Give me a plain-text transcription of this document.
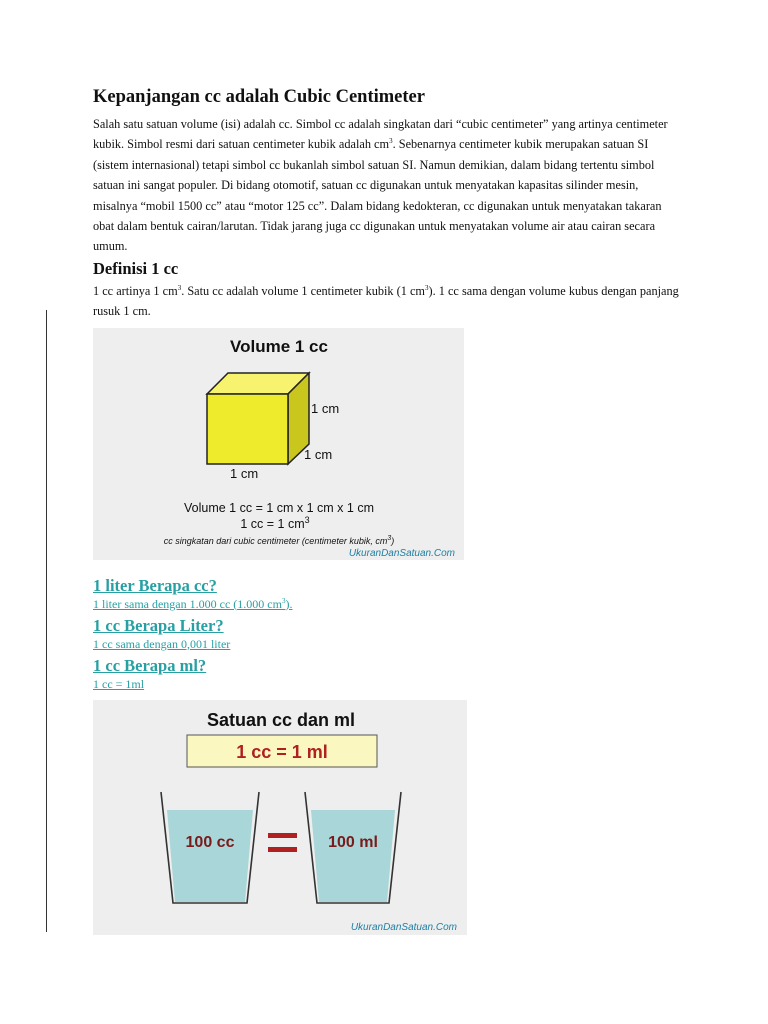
Kepanjangan cc adalah Cubic Centimeter

Salah satu satuan volume (isi) adalah cc. Simbol cc adalah singkatan dari “cubic centimeter” yang artinya centimeter kubik. Simbol resmi dari satuan centimeter kubik adalah $cm^3$. Sebenarnya centimeter kubik merupakan satuan SI (sistem internasional) tetapi simbol cc bukanlah simbol satuan SI. Namun demikian, dalam bidang tertentu simbol satuan ini sangat populer. Di bidang otomotif, satuan cc digunakan untuk menyatakan kapasitas silinder mesin, misalnya “mobil 1500 cc” atau “motor 125 cc”. Dalam bidang kedokteran, cc digunakan untuk menyatakan takaran obat dalam bentuk cairan/larutan. Tidak jarang juga cc digunakan untuk menyatakan volume air atau cairan secara umum.

Definisi 1 cc

1 cc artinya 1 $cm^3$. Satu cc adalah volume 1 centimeter kubik (1 $cm^3$). 1 cc sama dengan volume kubus dengan panjang rusuk 1 cm.

Volume 1 cc
1 cm
1 cm
1 cm
Volume 1 cc = 1 cm x 1 cm x 1 cm
1 cc = 1 $cm^3$
cc singkatan dari cubic centimeter (centimeter kubik, $cm^3$)
UkuranDanSatuan.Com
1 liter Berapa cc?
1 liter sama dengan 1.000 cc (1.000 $cm^3$).
1 cc Berapa Liter?
1 cc sama dengan 0,001 liter
1 cc Berapa ml?
1 cc = 1ml
Satuan cc dan ml
1 cc = 1 ml
100 cc	100 ml
UkuranDanSatuan.Com
